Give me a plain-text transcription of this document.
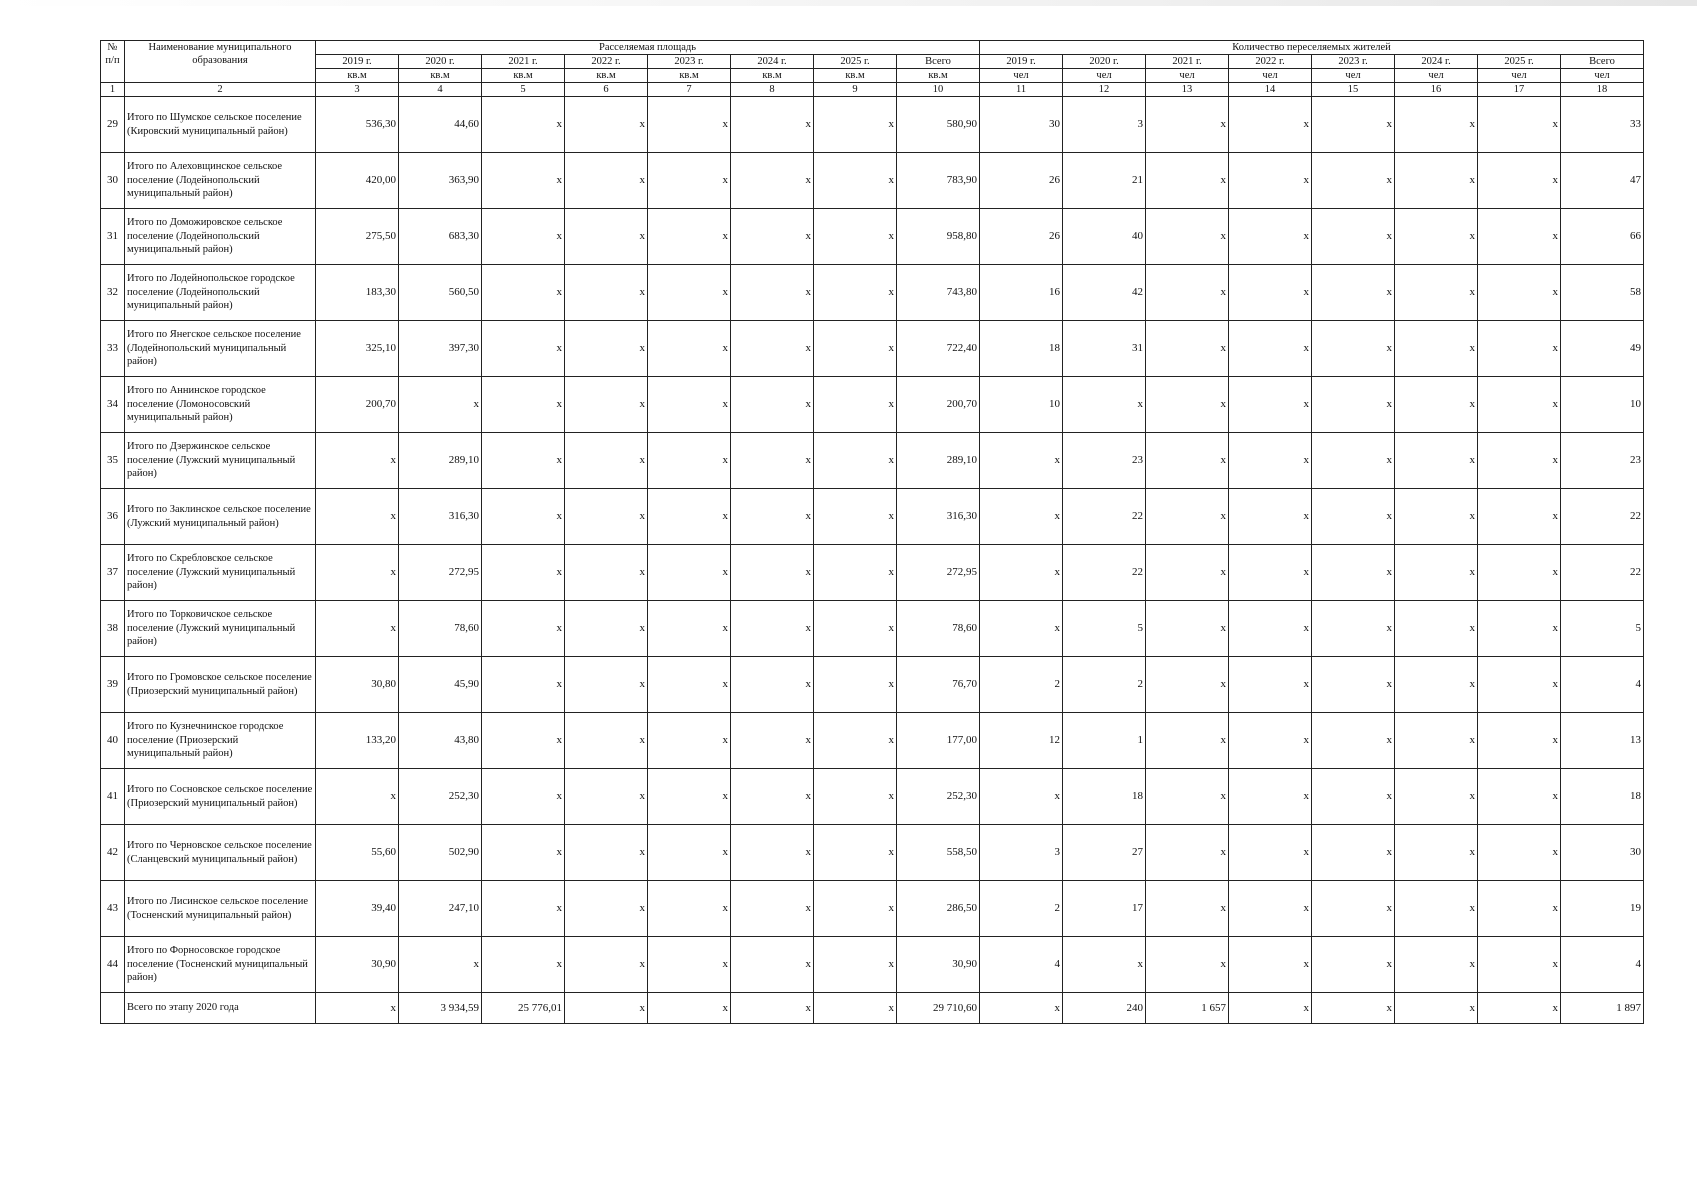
№ п/п	Наименование муниципального образования	Расселяемая площадь								Количество переселяемых жителей							
		2019 г.	2020 г.	2021 г.	2022 г.	2023 г.	2024 г.	2025 г.	Всего	2019 г.	2020 г.	2021 г.	2022 г.	2023 г.	2024 г.	2025 г.	Всего
		кв.м	кв.м	кв.м	кв.м	кв.м	кв.м	кв.м	кв.м	чел	чел	чел	чел	чел	чел	чел	чел
1	2	3	4	5	6	7	8	9	10	11	12	13	14	15	16	17	18
29	Итого по Шумское сельское поселение (Кировский муниципальный район)	536,30	44,60	x	x	x	x	x	580,90	30	3	x	x	x	x	x	33
30	Итого по Алеховщинское сельское поселение (Лодейнопольский муниципальный район)	420,00	363,90	x	x	x	x	x	783,90	26	21	x	x	x	x	x	47
31	Итого по Доможировское сельское поселение (Лодейнопольский муниципальный район)	275,50	683,30	x	x	x	x	x	958,80	26	40	x	x	x	x	x	66
32	Итого по Лодейнопольское городское поселение (Лодейнопольский муниципальный район)	183,30	560,50	x	x	x	x	x	743,80	16	42	x	x	x	x	x	58
33	Итого по Янегское сельское поселение (Лодейнопольский муниципальный район)	325,10	397,30	x	x	x	x	x	722,40	18	31	x	x	x	x	x	49
34	Итого по Аннинское городское поселение (Ломоносовский муниципальный район)	200,70	x	x	x	x	x	x	200,70	10	x	x	x	x	x	x	10
35	Итого по Дзержинское сельское поселение (Лужский муниципальный район)	x	289,10	x	x	x	x	x	289,10	x	23	x	x	x	x	x	23
36	Итого по Заклинское сельское поселение (Лужский муниципальный район)	x	316,30	x	x	x	x	x	316,30	x	22	x	x	x	x	x	22
37	Итого по Скребловское сельское поселение (Лужский муниципальный район)	x	272,95	x	x	x	x	x	272,95	x	22	x	x	x	x	x	22
38	Итого по Торковичское сельское поселение (Лужский муниципальный район)	x	78,60	x	x	x	x	x	78,60	x	5	x	x	x	x	x	5
39	Итого по Громовское сельское поселение (Приозерский муниципальный район)	30,80	45,90	x	x	x	x	x	76,70	2	2	x	x	x	x	x	4
40	Итого по Кузнечнинское городское поселение (Приозерский муниципальный район)	133,20	43,80	x	x	x	x	x	177,00	12	1	x	x	x	x	x	13
41	Итого по Сосновское сельское поселение (Приозерский муниципальный район)	x	252,30	x	x	x	x	x	252,30	x	18	x	x	x	x	x	18
42	Итого по Черновское сельское поселение (Сланцевский муниципальный район)	55,60	502,90	x	x	x	x	x	558,50	3	27	x	x	x	x	x	30
43	Итого по Лисинское сельское поселение (Тосненский муниципальный район)	39,40	247,10	x	x	x	x	x	286,50	2	17	x	x	x	x	x	19
44	Итого по Форносовское городское поселение (Тосненский муниципальный район)	30,90	x	x	x	x	x	x	30,90	4	x	x	x	x	x	x	4
	Всего по этапу 2020 года	x	3 934,59	25 776,01	x	x	x	x	29 710,60	x	240	1 657	x	x	x	x	1 897
